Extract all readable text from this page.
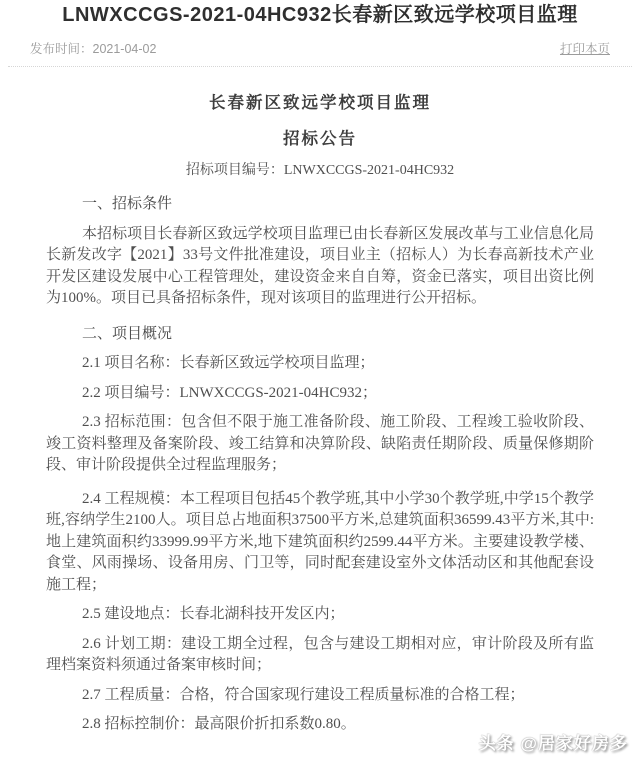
LNWXCCGS-2021-04HC932长春新区致远学校项目监理
发布时间：2021-04-02	打印本页
长春新区致远学校项目监理
招标公告

招标项目编号：LNWXCCGS-2021-04HC932

一、招标条件

本招标项目长春新区致远学校项目监理已由长春新区发展改革与工业信息化局长新发改字【2021】33号文件批准建设，项目业主（招标人）为长春高新技术产业开发区建设发展中心工程管理处，建设资金来自自筹，资金已落实，项目出资比例为100%。项目已具备招标条件，现对该项目的监理进行公开招标。

二、项目概况

2.1 项目名称：长春新区致远学校项目监理；

2.2 项目编号：LNWXCCGS-2021-04HC932；

2.3 招标范围：包含但不限于施工准备阶段、施工阶段、工程竣工验收阶段、竣工资料整理及备案阶段、竣工结算和决算阶段、缺陷责任期阶段、质量保修期阶段、审计阶段提供全过程监理服务；

2.4 工程规模：本工程项目包括45个教学班,其中小学30个教学班,中学15个教学班,容纳学生2100人。项目总占地面积37500平方米,总建筑面积36599.43平方米,其中:地上建筑面积约33999.99平方米,地下建筑面积约2599.44平方米。主要建设教学楼、食堂、风雨操场、设备用房、门卫等，同时配套建设室外文体活动区和其他配套设施工程；

2.5 建设地点：长春北湖科技开发区内；

2.6 计划工期：建设工期全过程，包含与建设工期相对应，审计阶段及所有监理档案资料须通过备案审核时间；

2.7 工程质量：合格，符合国家现行建设工程质量标准的合格工程；

2.8 招标控制价：最高限价折扣系数0.80。

头条 @居家好房多
